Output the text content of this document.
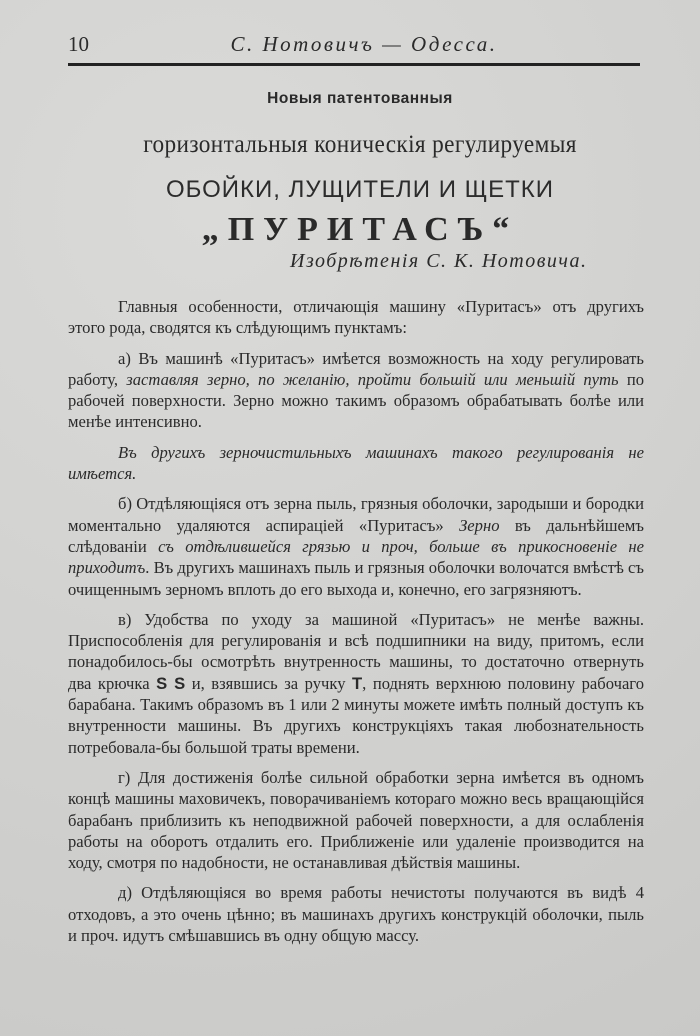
10	С. Нотовичъ — Одесса.
Новыя патентованныя
горизонтальныя коническія регулируемыя
ОБОЙКИ, ЛУЩИТЕЛИ И ЩЕТКИ
„ПУРИТАСЪ“
Изобрѣтенія С. К. Нотовича.

Главныя особенности, отличающія машину «Пуритасъ» отъ другихъ этого рода, сводятся къ слѣдующимъ пунктамъ:

а) Въ машинѣ «Пуритасъ» имѣется возможность на ходу регулировать работу, заставляя зерно, по желанію, пройти большій или меньшій путь по рабочей поверхности. Зерно можно такимъ образомъ обрабатывать болѣе или менѣе интенсивно.

Въ другихъ зерночистильныхъ машинахъ такого регулированія не имѣется.

б) Отдѣляющіяся отъ зерна пыль, грязныя оболочки, зародыши и бородки моментально удаляются аспираціей «Пуритасъ» Зерно въ дальнѣйшемъ слѣдованіи съ отдѣлившейся грязью и проч, больше въ прикосновеніе не приходитъ. Въ другихъ машинахъ пыль и грязныя оболочки волочатся вмѣстѣ съ очищеннымъ зерномъ вплоть до его выхода и, конечно, его загрязняютъ.

в) Удобства по уходу за машиной «Пуритасъ» не менѣе важны. Приспособленія для регулированія и всѣ подшипники на виду, притомъ, если понадобилось-бы осмотрѣть внутренность машины, то достаточно отвернуть два крючка S S и, взявшись за ручку T, поднять верхнюю половину рабочаго барабана. Такимъ образомъ въ 1 или 2 минуты можете имѣть полный доступъ къ внутренности машины. Въ другихъ конструкціяхъ такая любознательность потребовала-бы большой траты времени.

г) Для достиженія болѣе сильной обработки зерна имѣется въ одномъ концѣ машины маховичекъ, поворачиваніемъ котораго можно весь вращающійся барабанъ приблизить къ неподвижной рабочей поверхности, а для ослабленія работы на оборотъ отдалить его. Приближеніе или удаленіе производится на ходу, смотря по надобности, не останавливая дѣйствія машины.

д) Отдѣляющіяся во время работы нечистоты получаются въ видѣ 4 отходовъ, а это очень цѣнно; въ машинахъ другихъ конструкцій оболочки, пыль и проч. идутъ смѣшавшись въ одну общую массу.
